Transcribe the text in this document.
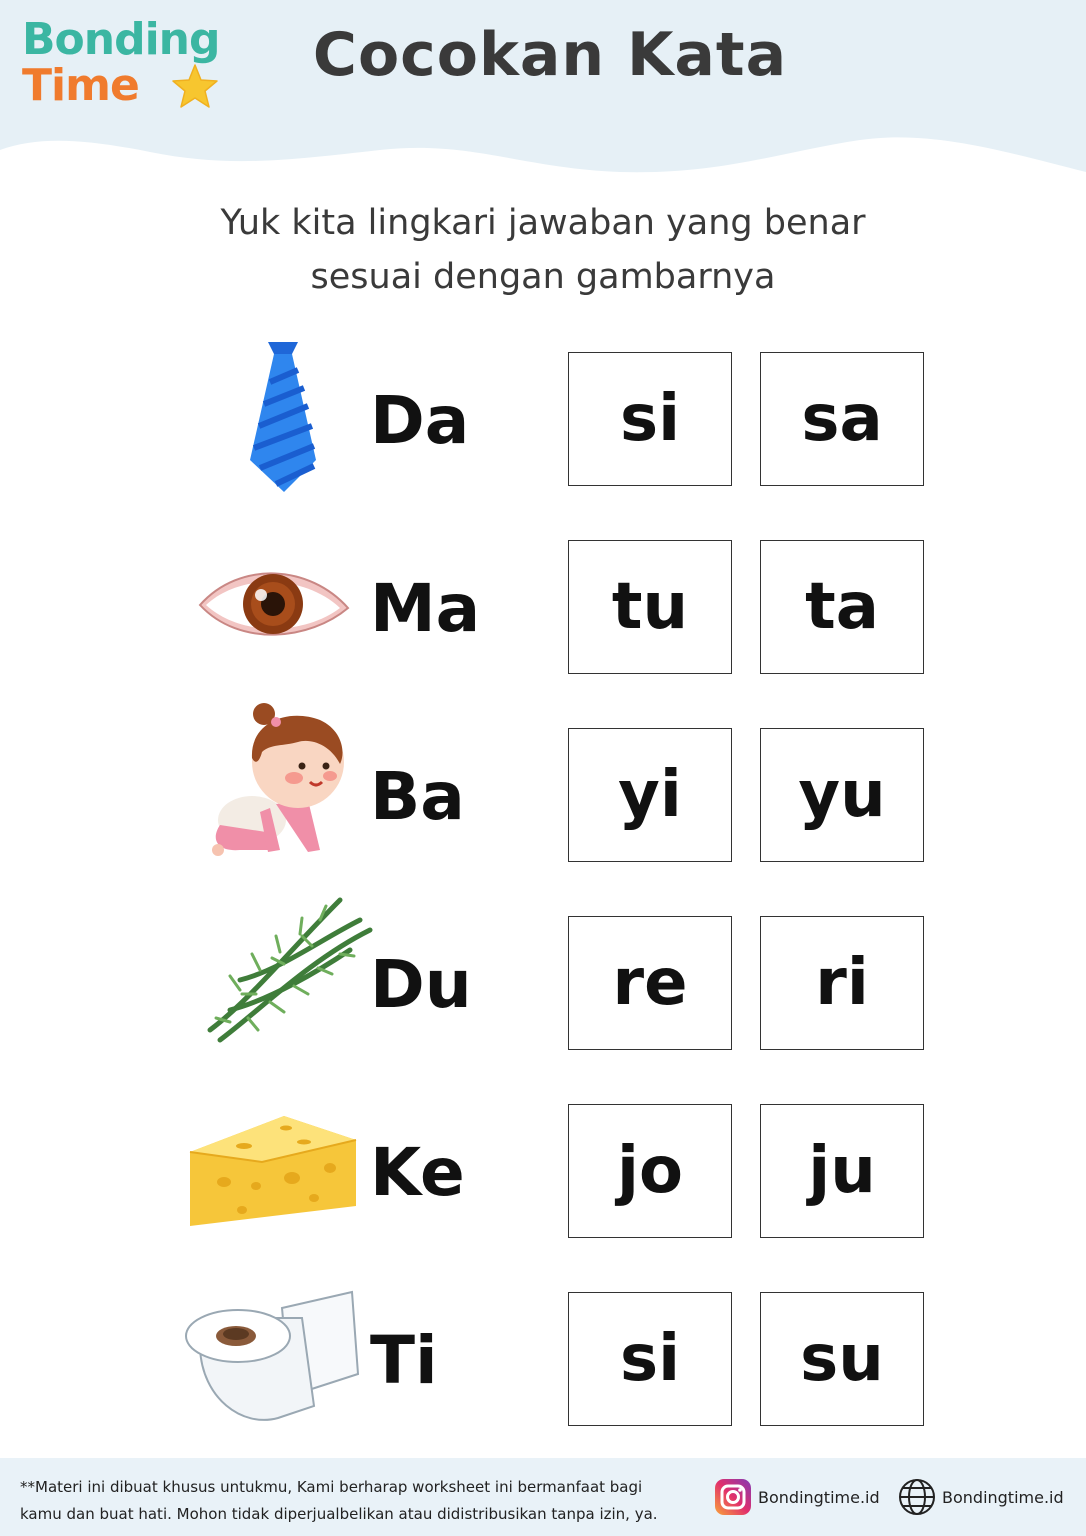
Bonding
Time	Cocokan Kata
Yuk kita lingkari jawaban yang benar
sesuai dengan gambarnya
Da	si	sa
Ma	tu	ta
Ba	yi	yu
Du	re	ri
Ke	jo	ju
Ti	si	su
**Materi ini dibuat khusus untukmu, Kami berharap worksheet ini bermanfaat bagi
kamu dan buat hati. Mohon tidak diperjualbelikan atau didistribusikan tanpa izin, ya.
Bondingtime.id	Bondingtime.id
